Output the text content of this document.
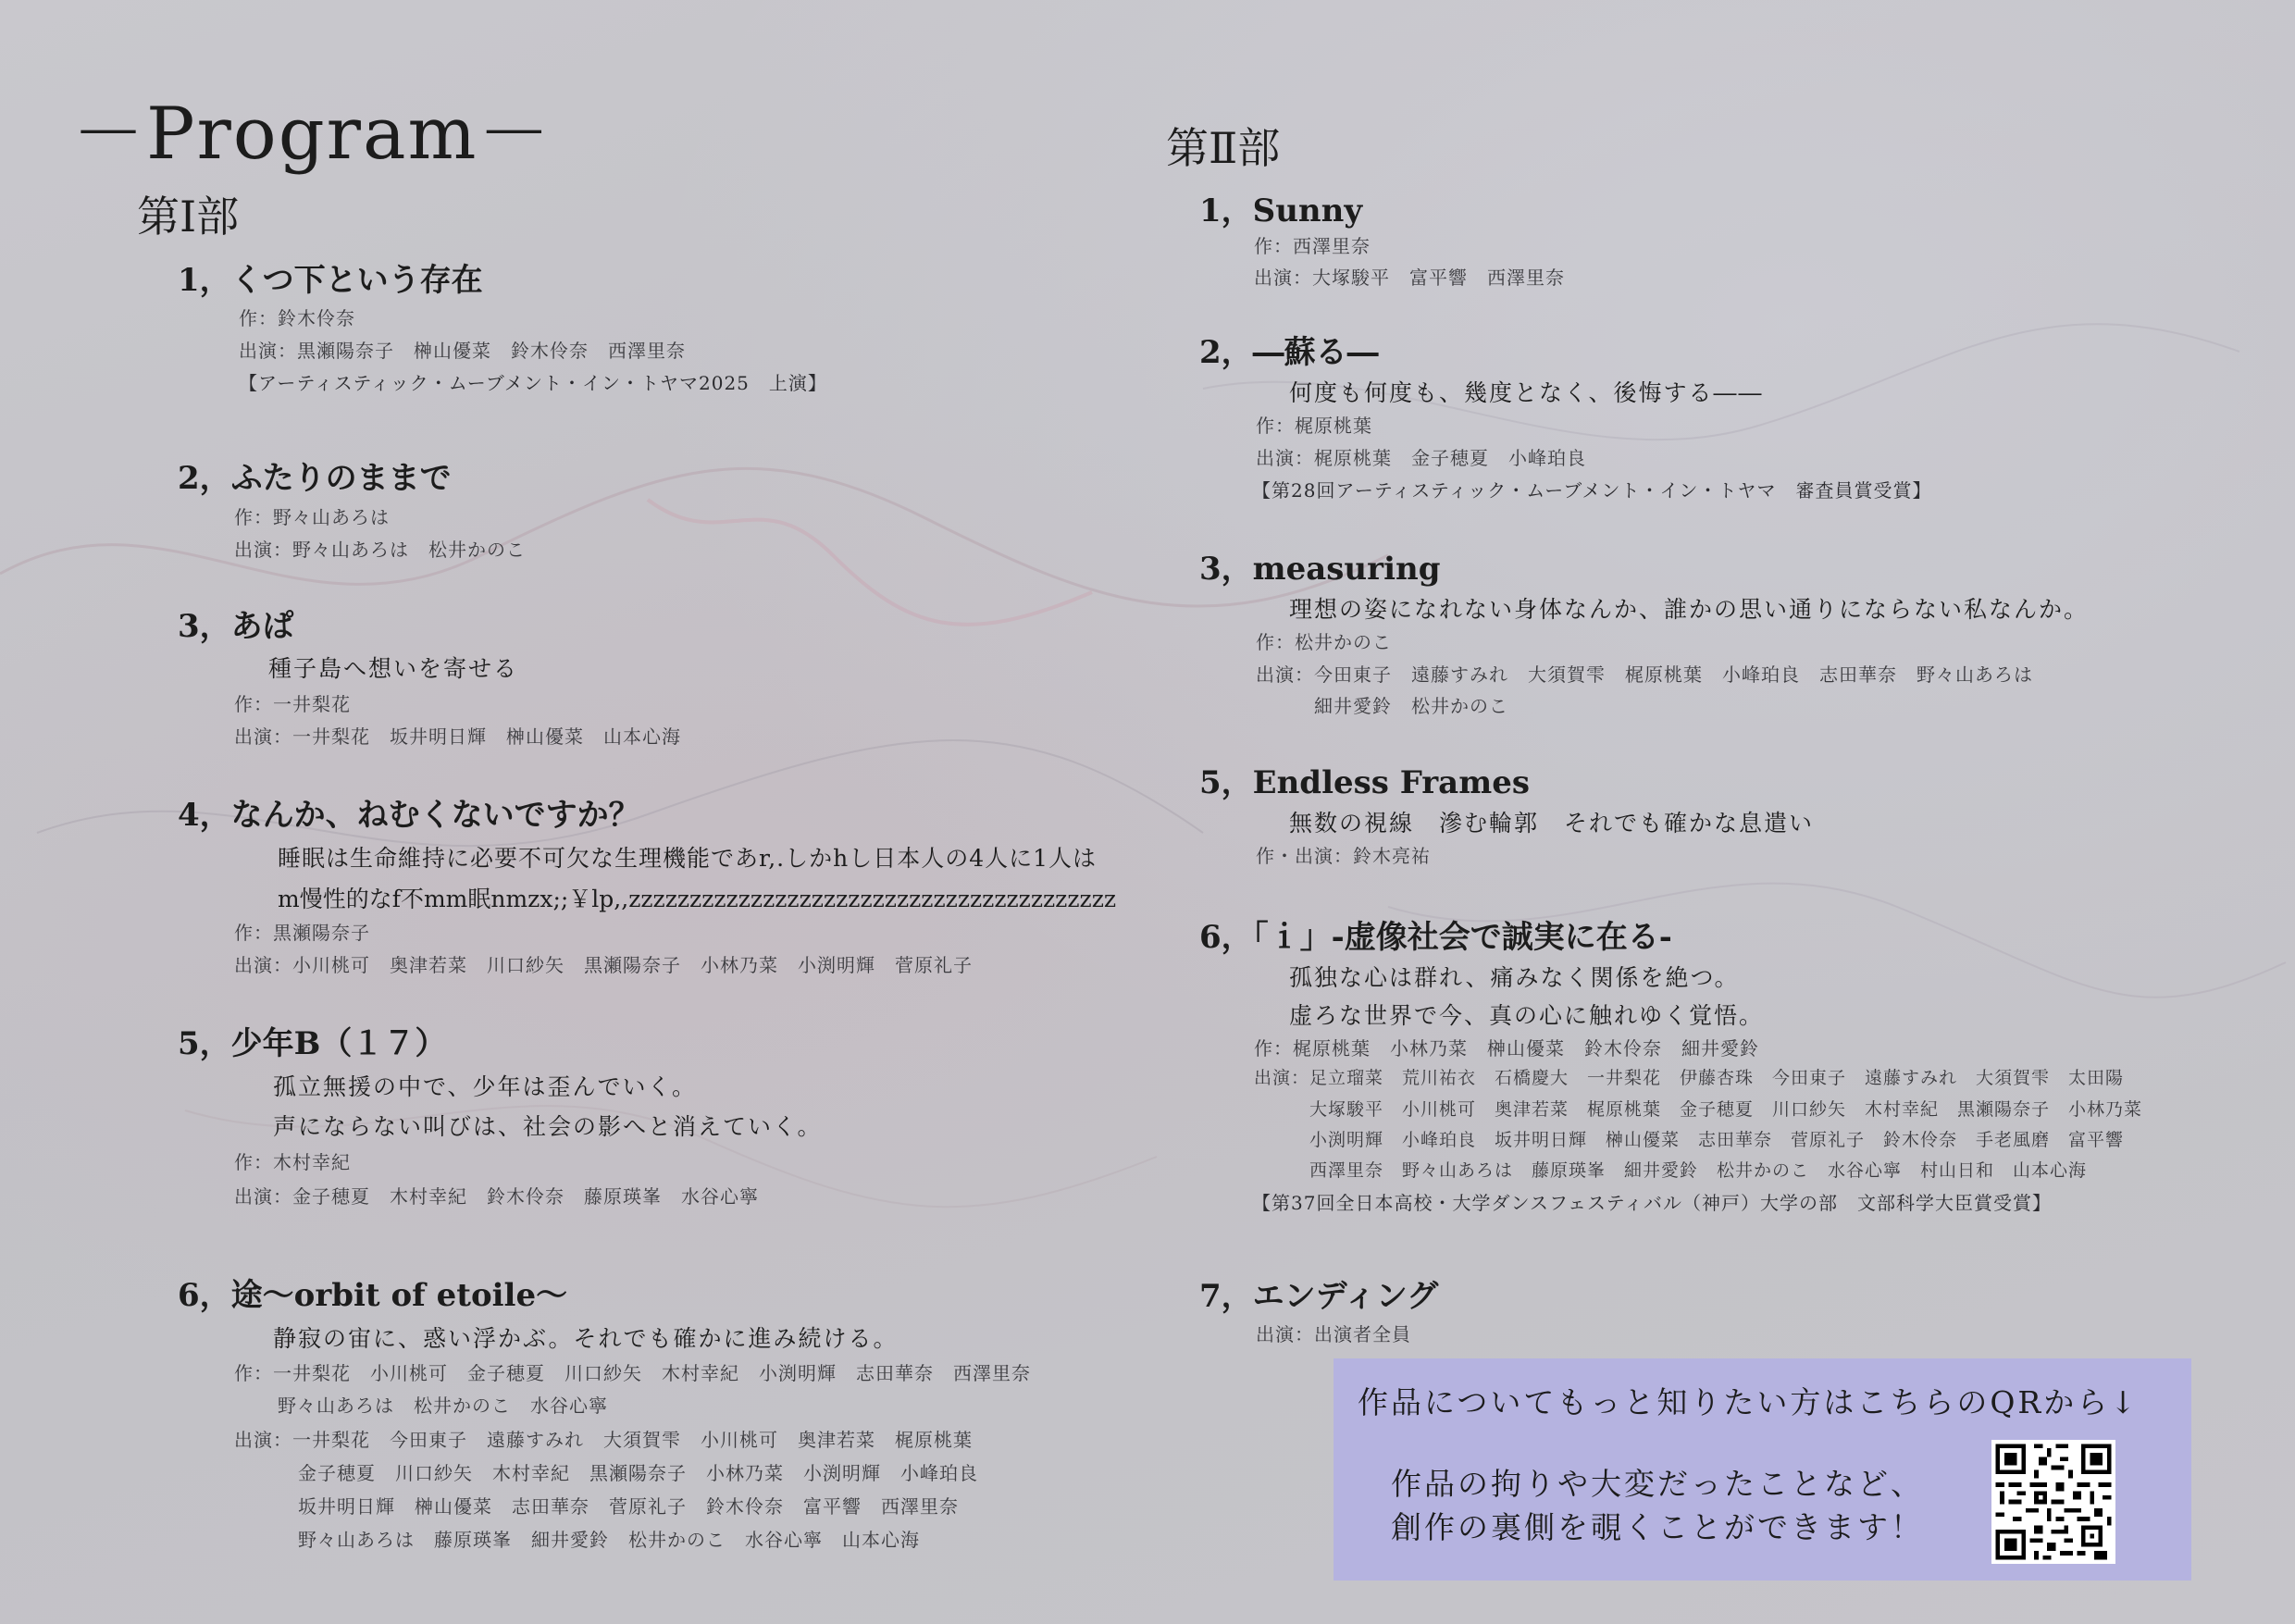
－Program－
第Ⅰ部
1，くつ下という存在
作：鈴木伶奈
出演：黒瀬陽奈子　榊山優菜　鈴木伶奈　西澤里奈
【アーティスティック・ムーブメント・イン・トヤマ2025　上演】
2，ふたりのままで
作：野々山あろは
出演：野々山あろは　松井かのこ
3，あぱ
種子島へ想いを寄せる
作：一井梨花
出演：一井梨花　坂井明日輝　榊山優菜　山本心海
4，なんか、ねむくないですか？
睡眠は生命維持に必要不可欠な生理機能であr,.しかhし日本人の4人に1人は
m慢性的なf不mm眠nmzx;;￥lp,,zzzzzzzzzzzzzzzzzzzzzzzzzzzzzzzzzzzzzzzz
作：黒瀬陽奈子
出演：小川桃可　奥津若菜　川口紗矢　黒瀬陽奈子　小林乃菜　小渕明輝　菅原礼子
5，少年B（１７）
孤立無援の中で、少年は歪んでいく。
声にならない叫びは、社会の影へと消えていく。
作：木村幸紀
出演：金子穂夏　木村幸紀　鈴木伶奈　藤原瑛峯　水谷心寧
6，途～orbit of etoile～
静寂の宙に、惑い浮かぶ。それでも確かに進み続ける。
作：一井梨花　小川桃可　金子穂夏　川口紗矢　木村幸紀　小渕明輝　志田華奈　西澤里奈
野々山あろは　松井かのこ　水谷心寧
出演：一井梨花　今田東子　遠藤すみれ　大須賀雫　小川桃可　奥津若菜　梶原桃葉
金子穂夏　川口紗矢　木村幸紀　黒瀬陽奈子　小林乃菜　小渕明輝　小峰珀良
坂井明日輝　榊山優菜　志田華奈　菅原礼子　鈴木伶奈　富平響　西澤里奈
野々山あろは　藤原瑛峯　細井愛鈴　松井かのこ　水谷心寧　山本心海
第Ⅱ部
1，Sunny
作：西澤里奈
出演：大塚駿平　富平響　西澤里奈
2，―蘇る―
何度も何度も、幾度となく、後悔する――
作：梶原桃葉
出演：梶原桃葉　金子穂夏　小峰珀良
【第28回アーティスティック・ムーブメント・イン・トヤマ　審査員賞受賞】
3，measuring
理想の姿になれない身体なんか、誰かの思い通りにならない私なんか。
作：松井かのこ
出演：今田東子　遠藤すみれ　大須賀雫　梶原桃葉　小峰珀良　志田華奈　野々山あろは
細井愛鈴　松井かのこ
5，Endless Frames
無数の視線　滲む輪郭　それでも確かな息遣い
作・出演：鈴木亮祐
6，「ｉ」-虚像社会で誠実に在る-
孤独な心は群れ、痛みなく関係を絶つ。
虚ろな世界で今、真の心に触れゆく覚悟。
作：梶原桃葉　小林乃菜　榊山優菜　鈴木伶奈　細井愛鈴
出演：足立瑠菜　荒川祐衣　石橋慶大　一井梨花　伊藤杏珠　今田東子　遠藤すみれ　大須賀雫　太田陽
大塚駿平　小川桃可　奥津若菜　梶原桃葉　金子穂夏　川口紗矢　木村幸紀　黒瀬陽奈子　小林乃菜
小渕明輝　小峰珀良　坂井明日輝　榊山優菜　志田華奈　菅原礼子　鈴木伶奈　手老風磨　富平響
西澤里奈　野々山あろは　藤原瑛峯　細井愛鈴　松井かのこ　水谷心寧　村山日和　山本心海
【第37回全日本高校・大学ダンスフェスティバル（神戸）大学の部　文部科学大臣賞受賞】
7，エンディング
出演：出演者全員
作品についてもっと知りたい方はこちらのQRから↓
作品の拘りや大変だったことなど、
創作の裏側を覗くことができます！
